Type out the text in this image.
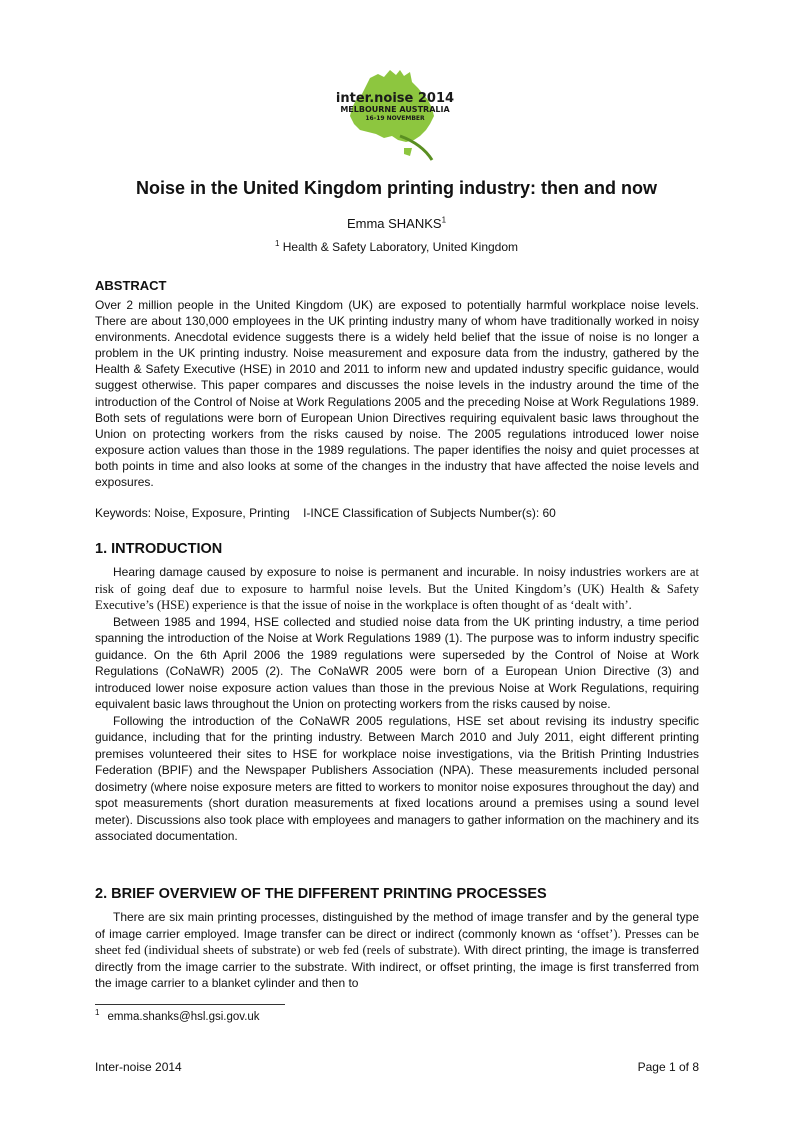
inter.noise 2014
MELBOURNE AUSTRALIA
16-19 NOVEMBER
Noise in the United Kingdom printing industry: then and now
Emma SHANKS$^1$
$^1$ Health & Safety Laboratory, United Kingdom
ABSTRACT

Over 2 million people in the United Kingdom (UK) are exposed to potentially harmful workplace noise levels. There are about 130,000 employees in the UK printing industry many of whom have traditionally worked in noisy environments. Anecdotal evidence suggests there is a widely held belief that the issue of noise is no longer a problem in the UK printing industry. Noise measurement and exposure data from the industry, gathered by the Health & Safety Executive (HSE) in 2010 and 2011 to inform new and updated industry specific guidance, would suggest otherwise. This paper compares and discusses the noise levels in the industry around the time of the introduction of the Control of Noise at Work Regulations 2005 and the preceding Noise at Work Regulations 1989. Both sets of regulations were born of European Union Directives requiring equivalent basic laws throughout the Union on protecting workers from the risks caused by noise. The 2005 regulations introduced lower noise exposure action values than those in the 1989 regulations. The paper identifies the noisy and quiet processes at both points in time and also looks at some of the changes in the industry that have affected the noise levels and exposures.

Keywords: Noise, Exposure, Printing    I-INCE Classification of Subjects Number(s): 60

1. INTRODUCTION

Hearing damage caused by exposure to noise is permanent and incurable. In noisy industries workers are at risk of going deaf due to exposure to harmful noise levels. But the United Kingdom’s (UK) Health & Safety Executive’s (HSE) experience is that the issue of noise in the workplace is often thought of as ‘dealt with’.

Between 1985 and 1994, HSE collected and studied noise data from the UK printing industry, a time period spanning the introduction of the Noise at Work Regulations 1989 (1). The purpose was to inform industry specific guidance. On the 6th April 2006 the 1989 regulations were superseded by the Control of Noise at Work Regulations (CoNaWR) 2005 (2). The CoNaWR 2005 were born of a European Union Directive (3) and introduced lower noise exposure action values than those in the previous Noise at Work Regulations, requiring equivalent basic laws throughout the Union on protecting workers from the risks caused by noise.

Following the introduction of the CoNaWR 2005 regulations, HSE set about revising its industry specific guidance, including that for the printing industry. Between March 2010 and July 2011, eight different printing premises volunteered their sites to HSE for workplace noise investigations, via the British Printing Industries Federation (BPIF) and the Newspaper Publishers Association (NPA). These measurements included personal dosimetry (where noise exposure meters are fitted to workers to monitor noise exposures throughout the day) and spot measurements (short duration measurements at fixed locations around a premises using a sound level meter). Discussions also took place with employees and managers to gather information on the machinery and its associated documentation.

2. BRIEF OVERVIEW OF THE DIFFERENT PRINTING PROCESSES

There are six main printing processes, distinguished by the method of image transfer and by the general type of image carrier employed. Image transfer can be direct or indirect (commonly known as ‘offset’). Presses can be sheet fed (individual sheets of substrate) or web fed (reels of substrate). With direct printing, the image is transferred directly from the image carrier to the substrate. With indirect, or offset printing, the image is first transferred from the image carrier to a blanket cylinder and then to

$^1$ emma.shanks@hsl.gsi.gov.uk

Inter-noise 2014	Page 1 of 8
